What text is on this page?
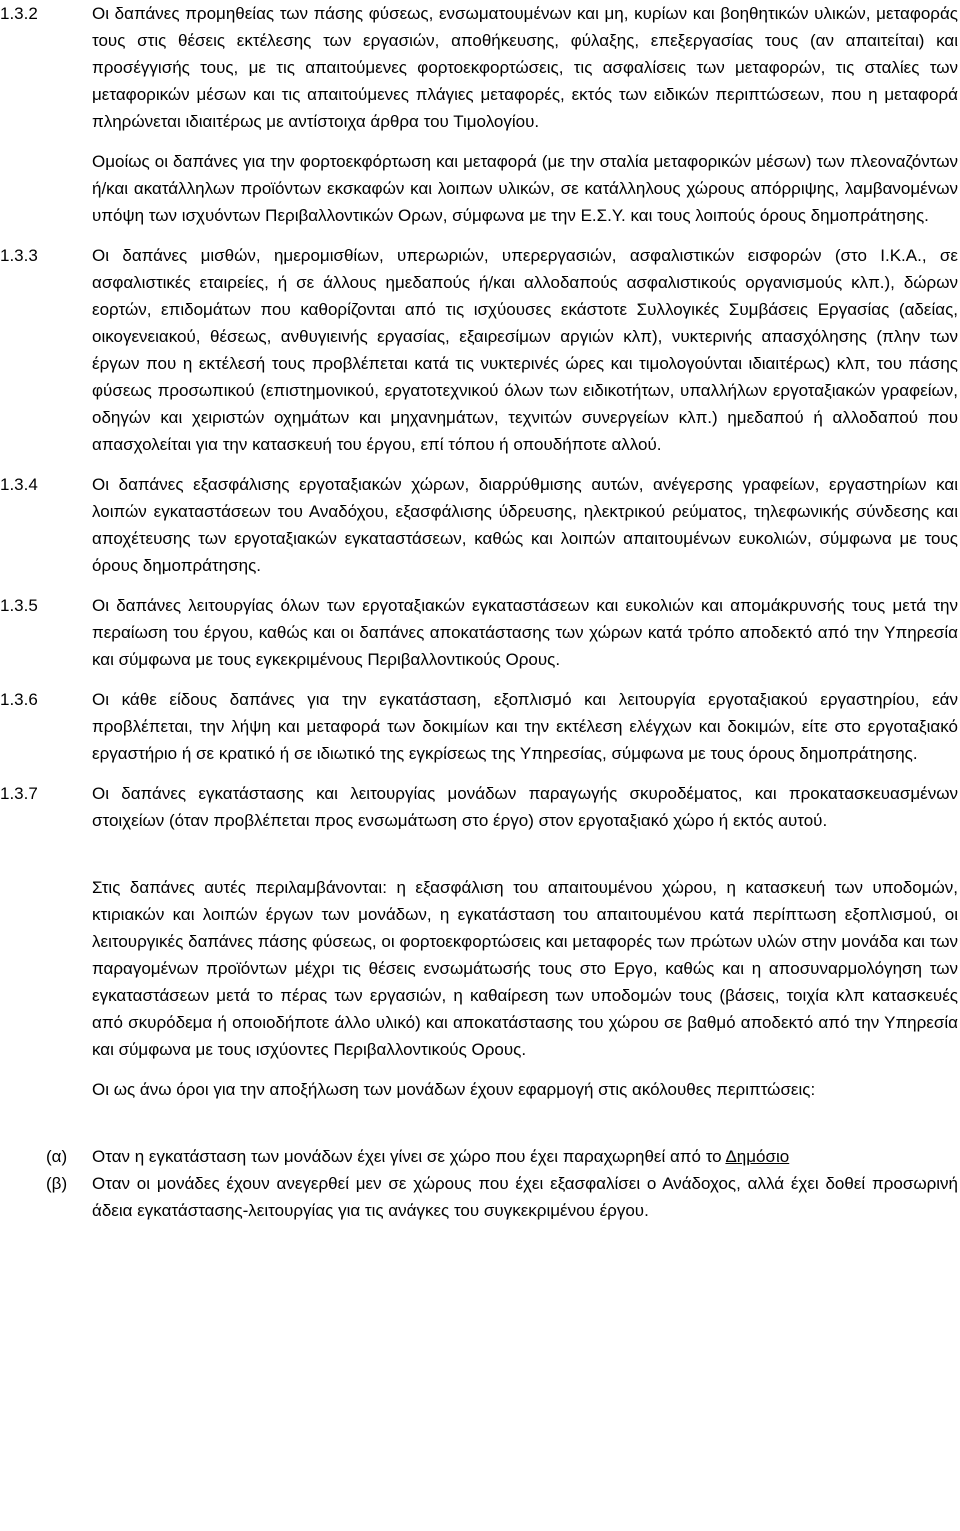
1.3.2	Οι δαπάνες προμηθείας των πάσης φύσεως, ενσωματουμένων και μη, κυρίων και βοηθητικών υλικών, μεταφοράς τους στις θέσεις εκτέλεσης των εργασιών, αποθήκευσης, φύλαξης, επεξεργασίας τους (αν απαιτείται) και προσέγγισής τους, με τις απαιτούμενες φορτοεκφορτώσεις, τις ασφαλίσεις των μεταφορών, τις σταλίες των μεταφορικών μέσων και τις απαιτούμενες πλάγιες μεταφορές, εκτός των ειδικών περιπτώσεων, που η μεταφορά πληρώνεται ιδιαιτέρως με αντίστοιχα άρθρα του Τιμολογίου.
Ομοίως οι δαπάνες για την φορτοεκφόρτωση και μεταφορά (με την σταλία μεταφορικών μέσων) των πλεοναζόντων ή/και ακατάλληλων προϊόντων εκσκαφών και λοιπων υλικών, σε κατάλληλους χώρους απόρριψης, λαμβανομένων υπόψη των ισχυόντων Περιβαλλοντικών Ορων, σύμφωνα με την Ε.Σ.Υ. και τους λοιπούς όρους δημοπράτησης.
1.3.3	Οι δαπάνες μισθών, ημερομισθίων, υπερωριών, υπερεργασιών, ασφαλιστικών εισφορών (στο Ι.Κ.Α., σε ασφαλιστικές εταιρείες, ή σε άλλους ημεδαπούς ή/και αλλοδαπούς ασφαλιστικούς οργανισμούς κλπ.), δώρων εορτών, επιδομάτων που καθορίζονται από τις ισχύουσες εκάστοτε Συλλογικές Συμβάσεις Εργασίας (αδείας, οικογενειακού, θέσεως, ανθυγιεινής εργασίας, εξαιρεσίμων αργιών κλπ), νυκτερινής απασχόλησης (πλην των έργων που η εκτέλεσή τους προβλέπεται κατά τις νυκτερινές ώρες και τιμολογούνται ιδιαιτέρως) κλπ, του πάσης φύσεως προσωπικού (επιστημονικού, εργατοτεχνικού όλων των ειδικοτήτων, υπαλλήλων εργοταξιακών γραφείων, οδηγών και χειριστών οχημάτων και μηχανημάτων, τεχνιτών συνεργείων κλπ.) ημεδαπού ή αλλοδαπού που απασχολείται για την κατασκευή του έργου, επί τόπου ή οπουδήποτε αλλού.
1.3.4	Οι δαπάνες εξασφάλισης εργοταξιακών χώρων, διαρρύθμισης αυτών, ανέγερσης γραφείων, εργαστηρίων και λοιπών εγκαταστάσεων του Αναδόχου, εξασφάλισης ύδρευσης, ηλεκτρικού ρεύματος, τηλεφωνικής σύνδεσης και αποχέτευσης των εργοταξιακών εγκαταστάσεων, καθώς και λοιπών απαιτουμένων ευκολιών, σύμφωνα με τους όρους δημοπράτησης.
1.3.5	Οι δαπάνες λειτουργίας όλων των εργοταξιακών εγκαταστάσεων και ευκολιών και απομάκρυνσής τους μετά την περαίωση του έργου, καθώς και οι δαπάνες αποκατάστασης των χώρων κατά τρόπο αποδεκτό από την Υπηρεσία και σύμφωνα με τους εγκεκριμένους Περιβαλλοντικούς Ορους.
1.3.6	Οι κάθε είδους δαπάνες για την εγκατάσταση, εξοπλισμό και λειτουργία εργοταξιακού εργαστηρίου, εάν προβλέπεται, την λήψη και μεταφορά των δοκιμίων και την εκτέλεση ελέγχων και δοκιμών, είτε στο εργοταξιακό εργαστήριο ή σε κρατικό ή σε ιδιωτικό της εγκρίσεως της Υπηρεσίας, σύμφωνα με τους όρους δημοπράτησης.
1.3.7	Οι δαπάνες εγκατάστασης και λειτουργίας μονάδων παραγωγής σκυροδέματος, και προκατασκευασμένων στοιχείων (όταν προβλέπεται προς ενσωμάτωση στο έργο) στον εργοταξιακό χώρο ή εκτός αυτού.
Στις δαπάνες αυτές περιλαμβάνονται: η εξασφάλιση του απαιτουμένου χώρου, η κατασκευή των υποδομών, κτιριακών και λοιπών έργων των μονάδων, η εγκατάσταση του απαιτουμένου κατά περίπτωση εξοπλισμού, οι λειτουργικές δαπάνες πάσης φύσεως, οι φορτοεκφορτώσεις και μεταφορές των πρώτων υλών στην μονάδα και των παραγομένων προϊόντων μέχρι τις θέσεις ενσωμάτωσής τους στο Εργο, καθώς και η αποσυναρμολόγηση των εγκαταστάσεων μετά το πέρας των εργασιών, η καθαίρεση των υποδομών τους (βάσεις, τοιχία κλπ κατασκευές από σκυρόδεμα ή οποιοδήποτε άλλο υλικό) και αποκατάστασης του χώρου σε βαθμό αποδεκτό από την Υπηρεσία και σύμφωνα με τους ισχύοντες Περιβαλλοντικούς Ορους.
Οι ως άνω όροι για την αποξήλωση των μονάδων έχουν εφαρμογή στις ακόλουθες περιπτώσεις:
(α)	Οταν η εγκατάσταση των μονάδων έχει γίνει σε χώρο που έχει παραχωρηθεί από το Δημόσιο
(β)	Οταν οι μονάδες έχουν ανεγερθεί μεν σε χώρους που έχει εξασφαλίσει ο Ανάδοχος, αλλά έχει δοθεί προσωρινή άδεια εγκατάστασης-λειτουργίας για τις ανάγκες του συγκεκριμένου έργου.
